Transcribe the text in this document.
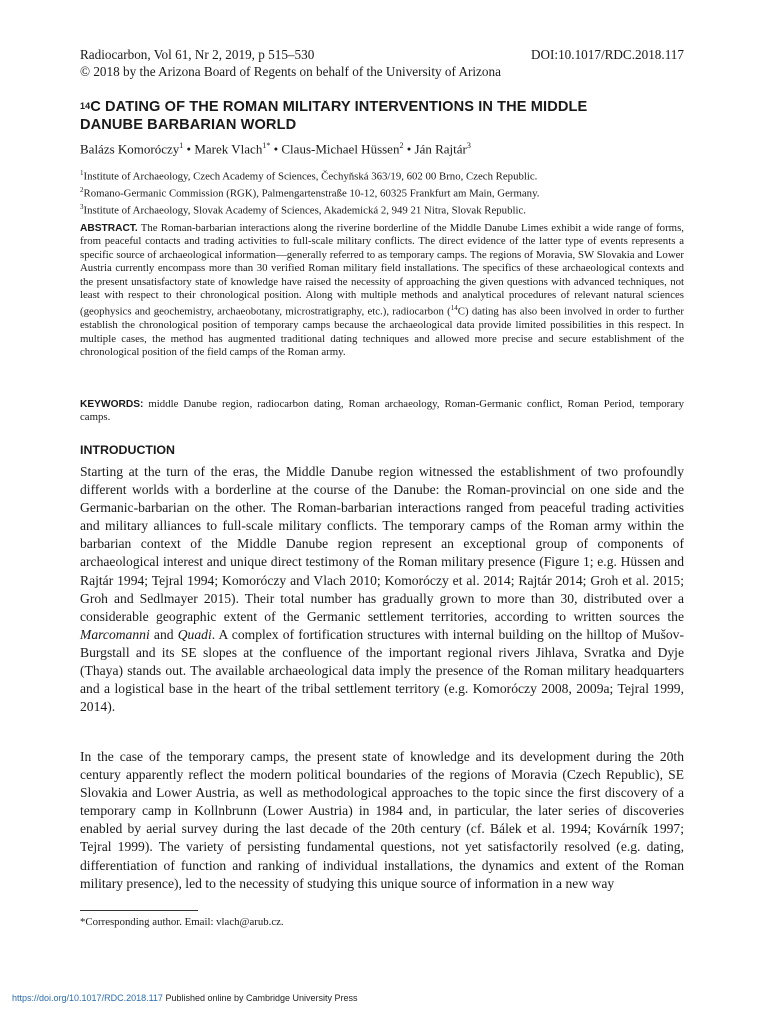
Radiocarbon, Vol 61, Nr 2, 2019, p 515–530	DOI:10.1017/RDC.2018.117
© 2018 by the Arizona Board of Regents on behalf of the University of Arizona
$^{14}$C DATING OF THE ROMAN MILITARY INTERVENTIONS IN THE MIDDLE
DANUBE BARBARIAN WORLD
Balázs Komoróczy$^1$ • Marek Vlach$^{1*}$ • Claus-Michael Hüssen$^2$ • Ján Rajtár$^3$
$^1$Institute of Archaeology, Czech Academy of Sciences, Čechyňská 363/19, 602 00 Brno, Czech Republic.
$^2$Romano-Germanic Commission (RGK), Palmengartenstraße 10-12, 60325 Frankfurt am Main, Germany.
$^3$Institute of Archaeology, Slovak Academy of Sciences, Akademická 2, 949 21 Nitra, Slovak Republic.
ABSTRACT. The Roman-barbarian interactions along the riverine borderline of the Middle Danube Limes exhibit a wide range of forms, from peaceful contacts and trading activities to full-scale military conflicts. The direct evidence of the latter type of events represents a specific source of archaeological information—generally referred to as temporary camps. The regions of Moravia, SW Slovakia and Lower Austria currently encompass more than 30 verified Roman military field installations. The specifics of these archaeological contexts and the present unsatisfactory state of knowledge have raised the necessity of approaching the given questions with advanced techniques, not least with respect to their chronological position. Along with multiple methods and analytical procedures of relevant natural sciences (geophysics and geochemistry, archaeobotany, microstratigraphy, etc.), radiocarbon ($^{14}$C) dating has also been involved in order to further establish the chronological position of temporary camps because the archaeological data provide limited possibilities in this respect. In multiple cases, the method has augmented traditional dating techniques and allowed more precise and secure establishment of the chronological position of the field camps of the Roman army.
KEYWORDS: middle Danube region, radiocarbon dating, Roman archaeology, Roman-Germanic conflict, Roman Period, temporary camps.
INTRODUCTION

Starting at the turn of the eras, the Middle Danube region witnessed the establishment of two profoundly different worlds with a borderline at the course of the Danube: the Roman-provincial on one side and the Germanic-barbarian on the other. The Roman-barbarian interactions ranged from peaceful trading activities and military alliances to full-scale military conflicts. The temporary camps of the Roman army within the barbarian context of the Middle Danube region represent an exceptional group of components of archaeological interest and unique direct testimony of the Roman military presence (Figure 1; e.g. Hüssen and Rajtár 1994; Tejral 1994; Komoróczy and Vlach 2010; Komoróczy et al. 2014; Rajtár 2014; Groh et al. 2015; Groh and Sedlmayer 2015). Their total number has gradually grown to more than 30, distributed over a considerable geographic extent of the Germanic settlement territories, according to written sources the Marcomanni and Quadi. A complex of fortification structures with internal building on the hilltop of Mušov-Burgstall and its SE slopes at the confluence of the important regional rivers Jihlava, Svratka and Dyje (Thaya) stands out. The available archaeological data imply the presence of the Roman military headquarters and a logistical base in the heart of the tribal settlement territory (e.g. Komoróczy 2008, 2009a; Tejral 1999, 2014).

In the case of the temporary camps, the present state of knowledge and its development during the 20th century apparently reflect the modern political boundaries of the regions of Moravia (Czech Republic), SE Slovakia and Lower Austria, as well as methodological approaches to the topic since the first discovery of a temporary camp in Kollnbrunn (Lower Austria) in 1984 and, in particular, the later series of discoveries enabled by aerial survey during the last decade of the 20th century (cf. Bálek et al. 1994; Kovárník 1997; Tejral 1999). The variety of persisting fundamental questions, not yet satisfactorily resolved (e.g. dating, differentiation of function and ranking of individual installations, the dynamics and extent of the Roman military presence), led to the necessity of studying this unique source of information in a new way

*Corresponding author. Email: vlach@arub.cz.
https://doi.org/10.1017/RDC.2018.117 Published online by Cambridge University Press
